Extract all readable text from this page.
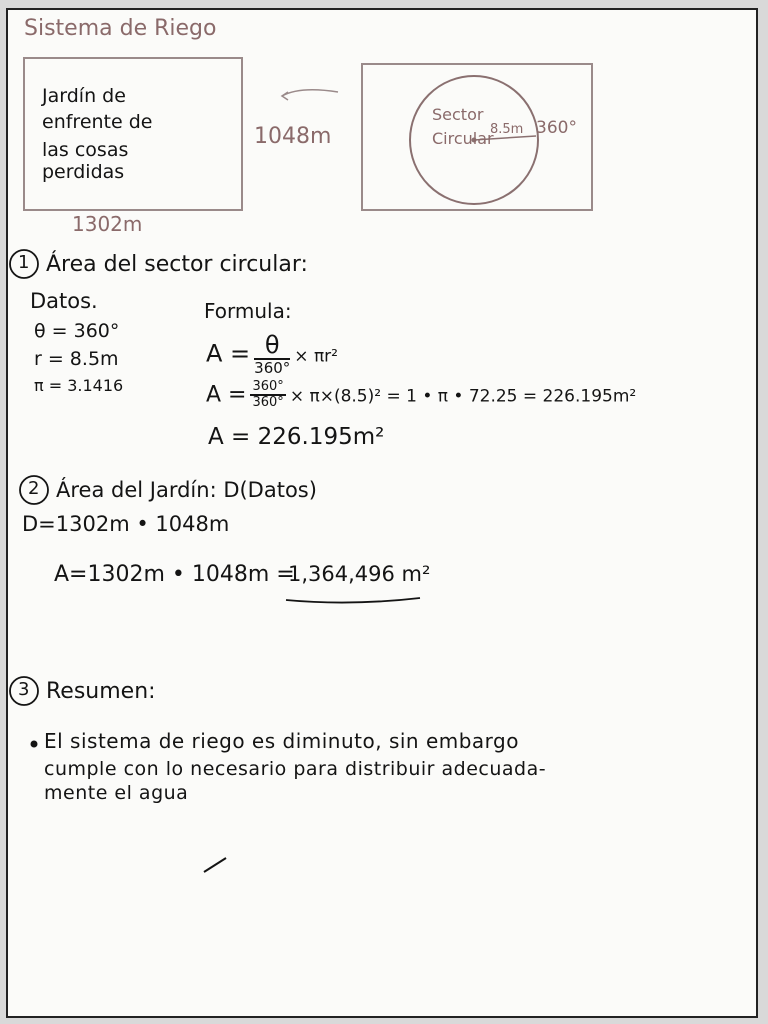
Sistema de Riego
Jardín de
enfrente de
las cosas
perdidas
1048m
1302m
Sector
Circular
8.5m 360°
1 Área del sector circular:
Datos.
θ = 360°
r = 8.5m
π = 3.1416
Formula:
$A = \frac{\theta}{360^\circ} \times \pi r^2$
$A = \frac{360^\circ}{360^\circ} \times \pi\times(8.5)^2 = 1$ • π • 72.25 = 226.195m²
A = 226.195m²
2 Área del Jardín: D(Datos)
D=1302m • 1048m
A=1302m • 1048m =
1,364,496 m²
3 Resumen:
El sistema de riego es diminuto, sin embargo
cumple con lo necesario para distribuir adecuada-
mente el agua
